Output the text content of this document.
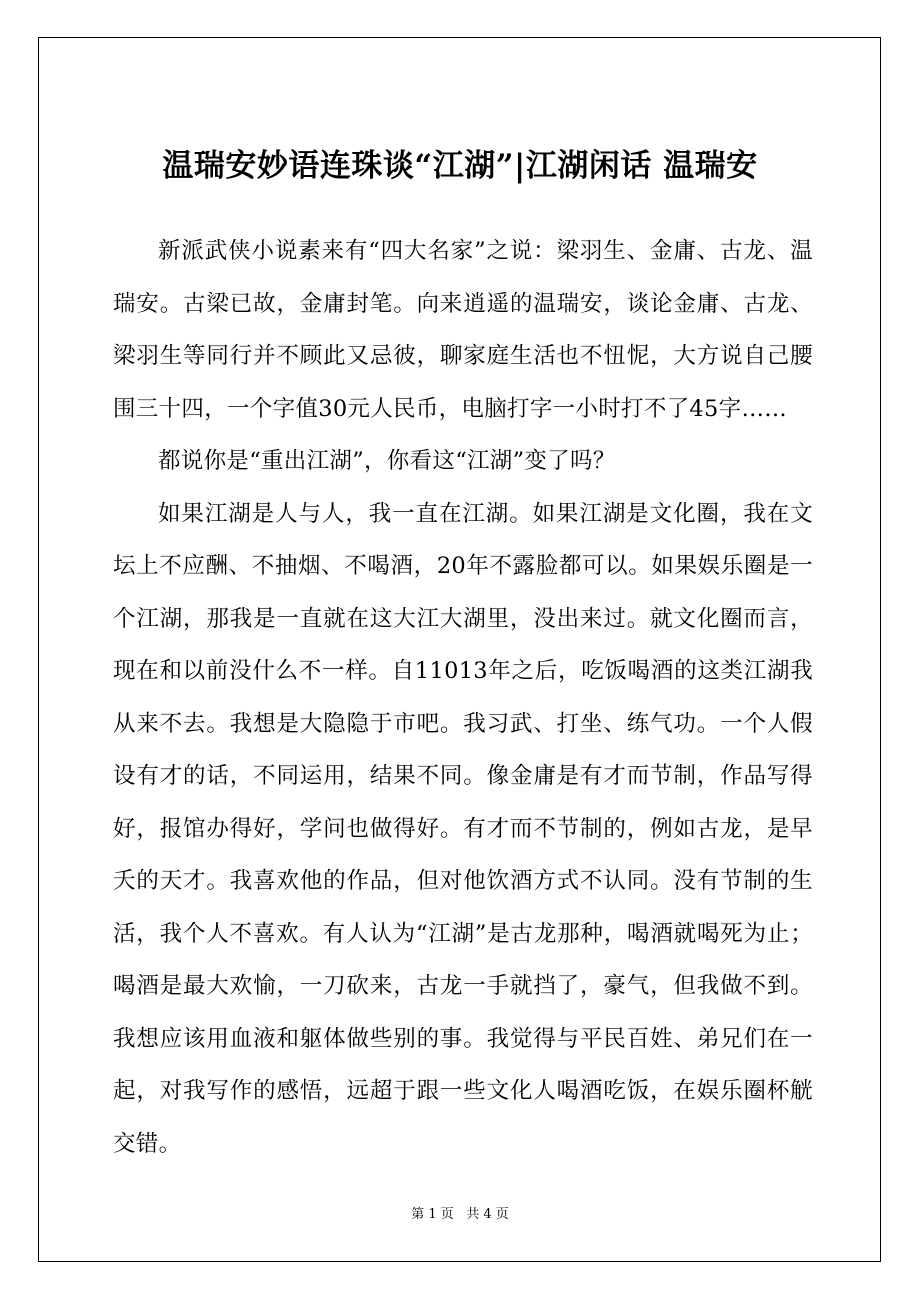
温瑞安妙语连珠谈“江湖”|江湖闲话 温瑞安

新派武侠小说素来有“四大名家”之说：梁羽生、金庸、古龙、温瑞安。古梁已故，金庸封笔。向来逍遥的温瑞安，谈论金庸、古龙、梁羽生等同行并不顾此又忌彼，聊家庭生活也不忸怩，大方说自己腰围三十四，一个字值30元人民币，电脑打字一小时打不了45字……

都说你是“重出江湖”，你看这“江湖”变了吗？

如果江湖是人与人，我一直在江湖。如果江湖是文化圈，我在文坛上不应酬、不抽烟、不喝酒，20年不露脸都可以。如果娱乐圈是一个江湖，那我是一直就在这大江大湖里，没出来过。就文化圈而言，现在和以前没什么不一样。自11013年之后，吃饭喝酒的这类江湖我从来不去。我想是大隐隐于市吧。我习武、打坐、练气功。一个人假设有才的话，不同运用，结果不同。像金庸是有才而节制，作品写得好，报馆办得好，学问也做得好。有才而不节制的，例如古龙，是早夭的天才。我喜欢他的作品，但对他饮酒方式不认同。没有节制的生活，我个人不喜欢。有人认为“江湖”是古龙那种，喝酒就喝死为止；喝酒是最大欢愉，一刀砍来，古龙一手就挡了，豪气，但我做不到。我想应该用血液和躯体做些别的事。我觉得与平民百姓、弟兄们在一起，对我写作的感悟，远超于跟一些文化人喝酒吃饭，在娱乐圈杯觥交错。

第 1 页   共 4 页
